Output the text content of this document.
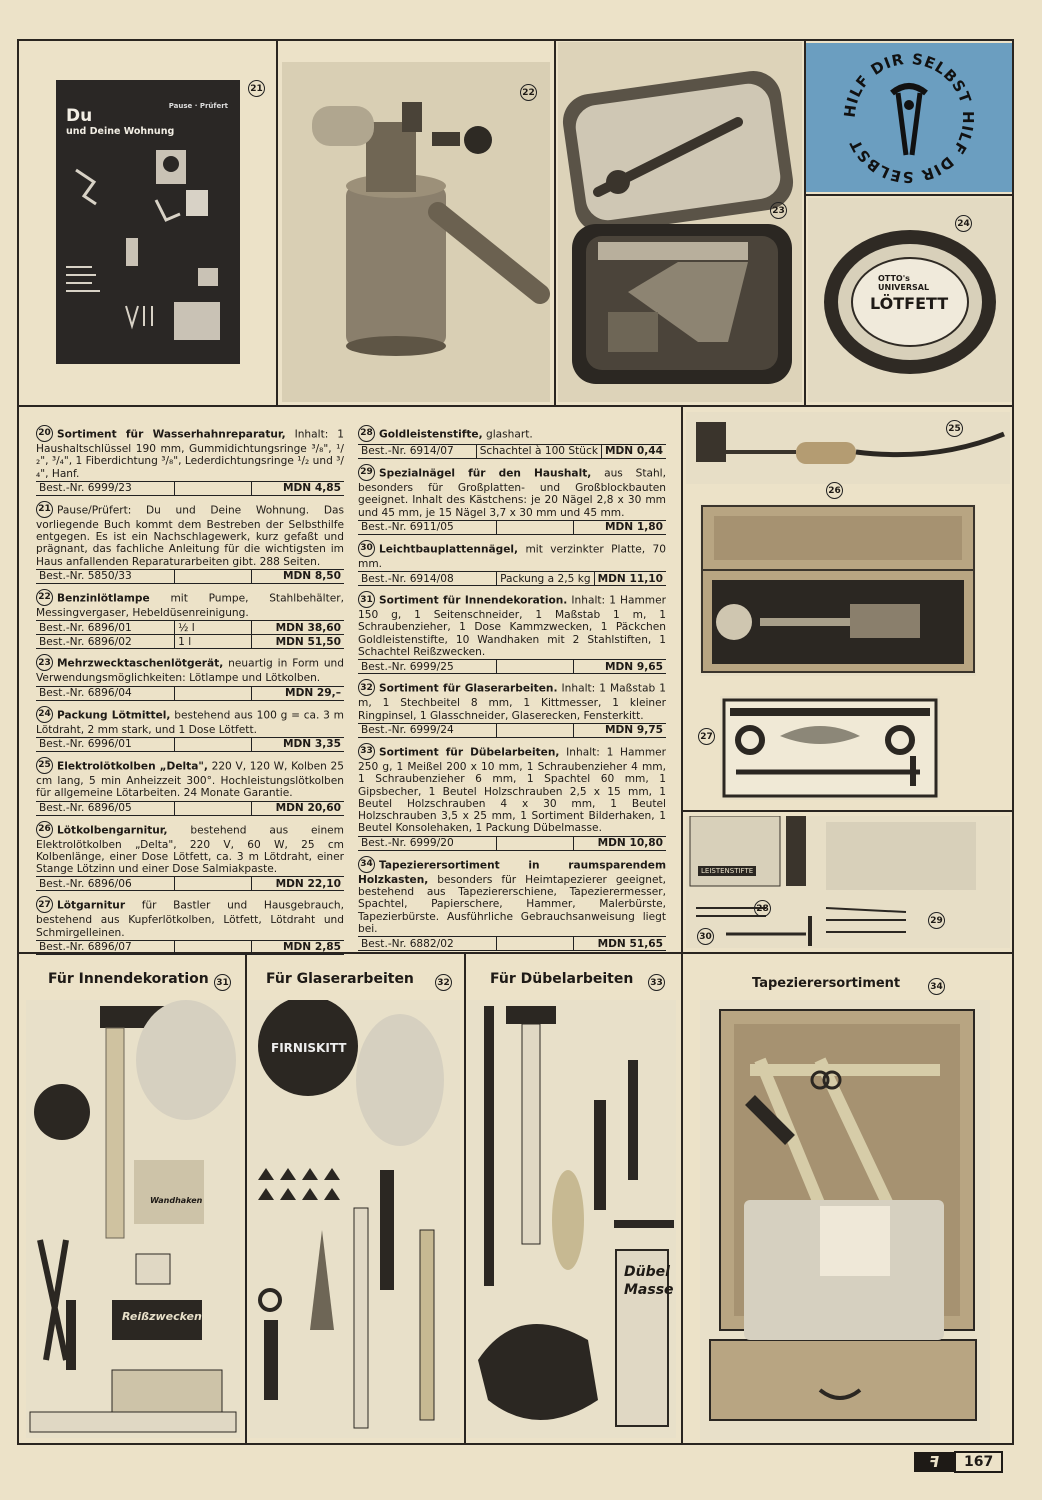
Pause · Prüfert
Du
und Deine Wohnung
21	22
23
HILF DIR SELBST HILF DIR SELBST
OTTO's UNIVERSAL
LÖTFETT
24

20 Sortiment für Wasserhahnreparatur, Inhalt: 1 Haushaltschlüssel 190 mm, Gummidichtungsringe ³/₈", ¹/₂", ³/₄", 1 Fiberdichtung ³/₈", Lederdichtungsringe ¹/₂ und ³/₄", Hanf.

Best.-Nr. 6999/23		MDN 4,85

21 Pause/Prüfert: Du und Deine Wohnung. Das vorliegende Buch kommt dem Bestreben der Selbsthilfe entgegen. Es ist ein Nachschlagewerk, kurz gefaßt und prägnant, das fachliche Anleitung für die wichtigsten im Haus anfallenden Reparaturarbeiten gibt. 288 Seiten.

Best.-Nr. 5850/33		MDN 8,50

22 Benzinlötlampe mit Pumpe, Stahlbehälter, Messingvergaser, Hebeldüsenreinigung.

Best.-Nr. 6896/01	½ l	MDN 38,60
Best.-Nr. 6896/02	1 l	MDN 51,50

23 Mehrzwecktaschenlötgerät, neuartig in Form und Verwendungsmöglichkeiten: Lötlampe und Lötkolben.

Best.-Nr. 6896/04		MDN 29,–

24 Packung Lötmittel, bestehend aus 100 g = ca. 3 m Lötdraht, 2 mm stark, und 1 Dose Lötfett.

Best.-Nr. 6996/01		MDN 3,35

25 Elektrolötkolben „Delta", 220 V, 120 W, Kolben 25 cm lang, 5 min Anheizzeit 300°. Hochleistungslötkolben für allgemeine Lötarbeiten. 24 Monate Garantie.

Best.-Nr. 6896/05		MDN 20,60

26 Lötkolbengarnitur, bestehend aus einem Elektrolötkolben „Delta", 220 V, 60 W, 25 cm Kolbenlänge, einer Dose Lötfett, ca. 3 m Lötdraht, einer Stange Lötzinn und einer Dose Salmiakpaste.

Best.-Nr. 6896/06		MDN 22,10

27 Lötgarnitur für Bastler und Hausgebrauch, bestehend aus Kupferlötkolben, Lötfett, Lötdraht und Schmirgelleinen.

Best.-Nr. 6896/07		MDN 2,85

28 Goldleistenstifte, glashart.

Best.-Nr. 6914/07	Schachtel à 100 Stück	MDN 0,44

29 Spezialnägel für den Haushalt, aus Stahl, besonders für Großplatten- und Großblockbauten geeignet. Inhalt des Kästchens: je 20 Nägel 2,8 x 30 mm und 45 mm, je 15 Nägel 3,7 x 30 mm und 45 mm.

Best.-Nr. 6911/05		MDN 1,80

30 Leichtbauplattennägel, mit verzinkter Platte, 70 mm.

Best.-Nr. 6914/08	Packung a 2,5 kg	MDN 11,10

31 Sortiment für Innendekoration. Inhalt: 1 Hammer 150 g, 1 Seitenschneider, 1 Maßstab 1 m, 1 Schraubenzieher, 1 Dose Kammzwecken, 1 Päckchen Goldleistenstifte, 10 Wandhaken mit 2 Stahlstiften, 1 Schachtel Reißzwecken.

Best.-Nr. 6999/25		MDN 9,65

32 Sortiment für Glaserarbeiten. Inhalt: 1 Maßstab 1 m, 1 Stechbeitel 8 mm, 1 Kittmesser, 1 kleiner Ringpinsel, 1 Glasschneider, Glaserecken, Fensterkitt.

Best.-Nr. 6999/24		MDN 9,75

33 Sortiment für Dübelarbeiten, Inhalt: 1 Hammer 250 g, 1 Meißel 200 x 10 mm, 1 Schraubenzieher 4 mm, 1 Schraubenzieher 6 mm, 1 Spachtel 60 mm, 1 Gipsbecher, 1 Beutel Holzschrauben 2,5 x 15 mm, 1 Beutel Holzschrauben 4 x 30 mm, 1 Beutel Holzschrauben 3,5 x 25 mm, 1 Sortiment Bilderhaken, 1 Beutel Konsolehaken, 1 Packung Dübelmasse.

Best.-Nr. 6999/20		MDN 10,80

34 Tapezierersortiment in raumsparendem Holzkasten, besonders für Heimtapezierer geeignet, bestehend aus Tapeziererschiene, Tapezierermesser, Spachtel, Papierschere, Hammer, Malerbürste, Tapezierbürste. Ausführliche Gebrauchsanweisung liegt bei.

Best.-Nr. 6882/02		MDN 51,65
25
26
27
LEISTENSTIFTE
28
29
30
Für Innendekoration 31	Für Glaserarbeiten	32	Für Dübelarbeiten 33	Tapezierersortiment	34
Wandhaken
Reißzwecken
FIRNISKITT
Dübel
Masse
ꟻ	167
